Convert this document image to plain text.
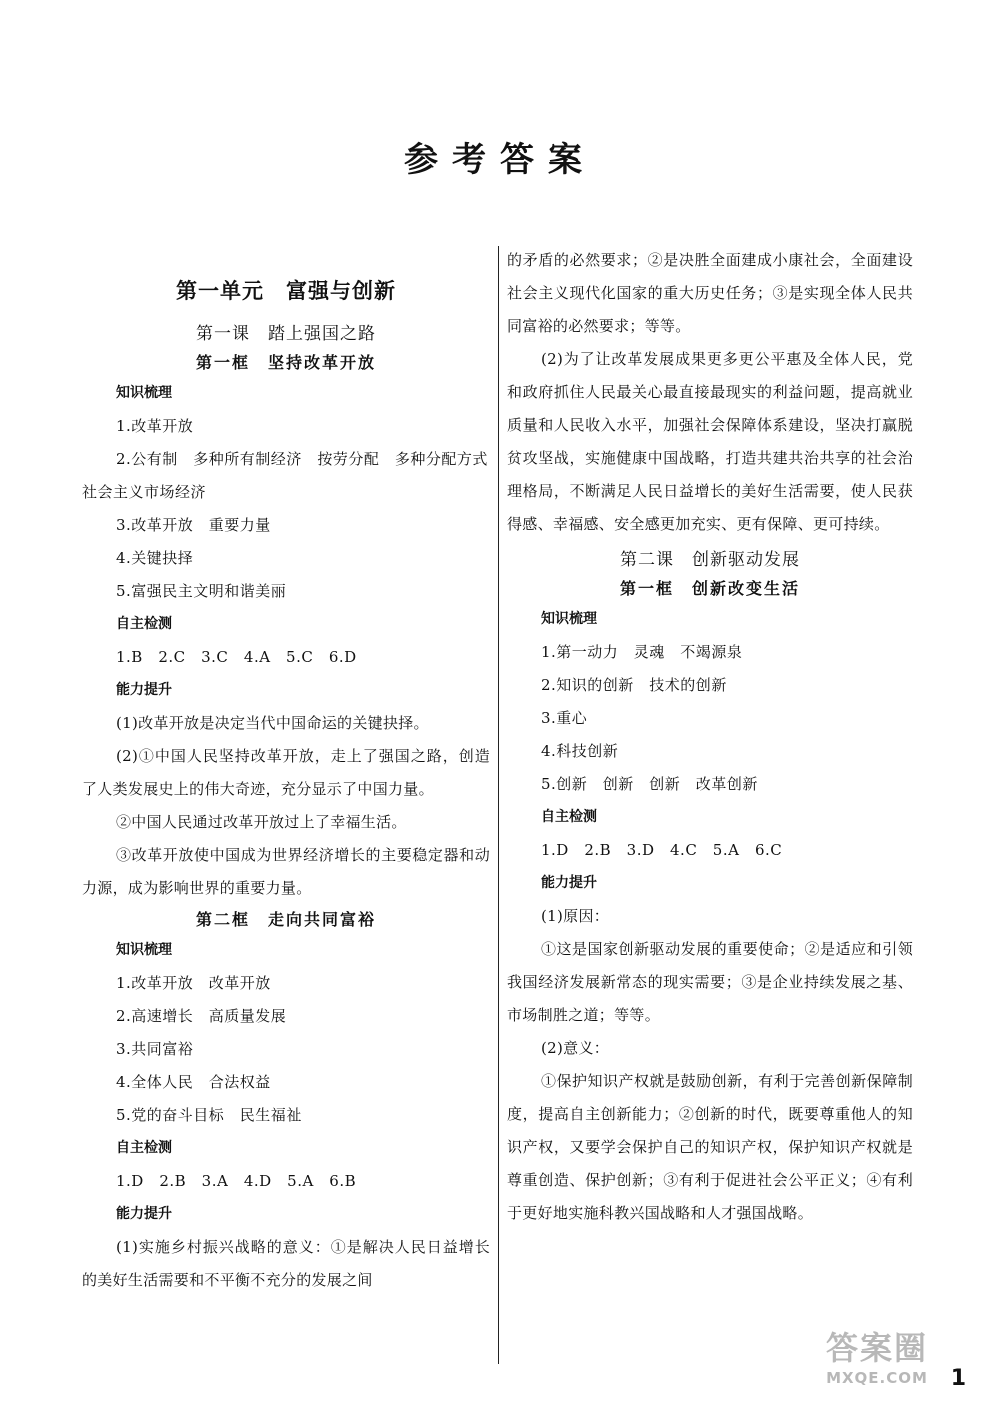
参考答案
第一单元　富强与创新
第一课　踏上强国之路
第一框　坚持改革开放
知识梳理
1.改革开放
2.公有制　多种所有制经济　按劳分配　多种分配方式　社会主义市场经济
3.改革开放　重要力量
4.关键抉择
5.富强民主文明和谐美丽
自主检测
1.B　2.C　3.C　4.A　5.C　6.D
能力提升
(1)改革开放是决定当代中国命运的关键抉择。
(2)①中国人民坚持改革开放，走上了强国之路，创造了人类发展史上的伟大奇迹，充分显示了中国力量。
②中国人民通过改革开放过上了幸福生活。
③改革开放使中国成为世界经济增长的主要稳定器和动力源，成为影响世界的重要力量。
第二框　走向共同富裕
知识梳理
1.改革开放　改革开放
2.高速增长　高质量发展
3.共同富裕
4.全体人民　合法权益
5.党的奋斗目标　民生福祉
自主检测
1.D　2.B　3.A　4.D　5.A　6.B
能力提升
(1)实施乡村振兴战略的意义：①是解决人民日益增长的美好生活需要和不平衡不充分的发展之间
的矛盾的必然要求；②是决胜全面建成小康社会，全面建设社会主义现代化国家的重大历史任务；③是实现全体人民共同富裕的必然要求；等等。
(2)为了让改革发展成果更多更公平惠及全体人民，党和政府抓住人民最关心最直接最现实的利益问题，提高就业质量和人民收入水平，加强社会保障体系建设，坚决打赢脱贫攻坚战，实施健康中国战略，打造共建共治共享的社会治理格局，不断满足人民日益增长的美好生活需要，使人民获得感、幸福感、安全感更加充实、更有保障、更可持续。
第二课　创新驱动发展
第一框　创新改变生活
知识梳理
1.第一动力　灵魂　不竭源泉
2.知识的创新　技术的创新
3.重心
4.科技创新
5.创新　创新　创新　改革创新
自主检测
1.D　2.B　3.D　4.C　5.A　6.C
能力提升
(1)原因：
①这是国家创新驱动发展的重要使命；②是适应和引领我国经济发展新常态的现实需要；③是企业持续发展之基、市场制胜之道；等等。
(2)意义：
①保护知识产权就是鼓励创新，有利于完善创新保障制度，提高自主创新能力；②创新的时代，既要尊重他人的知识产权，又要学会保护自己的知识产权，保护知识产权就是尊重创造、保护创新；③有利于促进社会公平正义；④有利于更好地实施科教兴国战略和人才强国战略。
答案圈
MXQE.COM	1
